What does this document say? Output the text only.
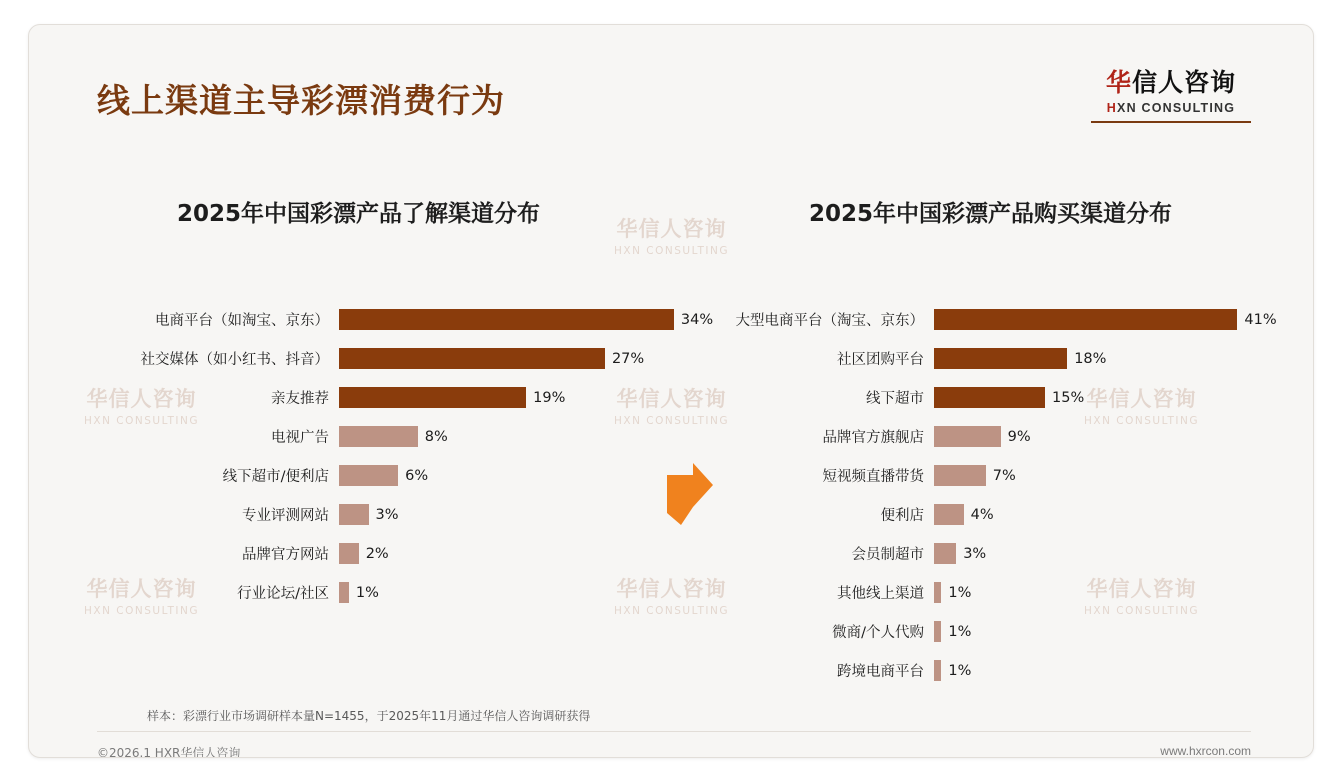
华信人咨询
HXN CONSULTING
华信人咨询
HXN CONSULTING
华信人咨询
HXN CONSULTING
华信人咨询
HXN CONSULTING
华信人咨询
HXN CONSULTING
华信人咨询
HXN CONSULTING
华信人咨询
HXN CONSULTING
线上渠道主导彩漂消费行为	华信人咨询
HXN CONSULTING
2025年中国彩漂产品了解渠道分布	2025年中国彩漂产品购买渠道分布
电商平台（如淘宝、京东）	34%
社交媒体（如小红书、抖音）	27%
亲友推荐	19%
电视广告	8%
线下超市/便利店	6%
专业评测网站	3%
品牌官方网站	2%
行业论坛/社区	1%
大型电商平台（淘宝、京东）	41%
社区团购平台	18%
线下超市	15%
品牌官方旗舰店	9%
短视频直播带货	7%
便利店	4%
会员制超市	3%
其他线上渠道	1%
微商/个人代购	1%
跨境电商平台	1%
样本：彩漂行业市场调研样本量N=1455，于2025年11月通过华信人咨询调研获得
©2026.1 HXR华信人咨询	www.hxrcon.com
